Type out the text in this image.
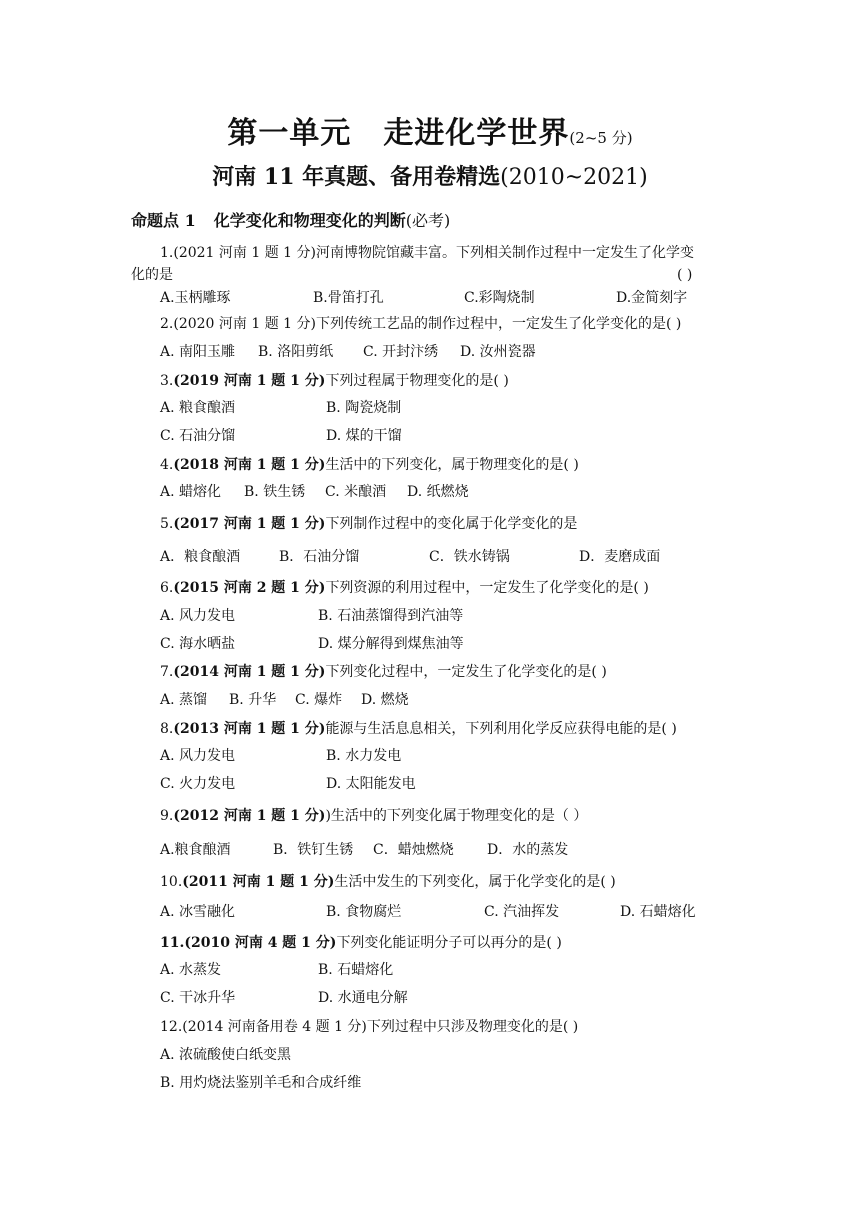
第一单元 走进化学世界(2~5 分)
河南 11 年真题、备用卷精选(2010~2021)
命题点 1 化学变化和物理变化的判断(必考)
1.(2021 河南 1 题 1 分)河南博物院馆藏丰富。下列相关制作过程中一定发生了化学变
化的是	( )
A.玉柄雕琢	B.骨笛打孔	C.彩陶烧制	D.金简刻字
2.(2020 河南 1 题 1 分)下列传统工艺品的制作过程中，一定发生了化学变化的是( )
A. 南阳玉雕 B. 洛阳剪纸 C. 开封汴绣 D. 汝州瓷器
3.(2019 河南 1 题 1 分)下列过程属于物理变化的是( )
A. 粮食酿酒	B. 陶瓷烧制
C. 石油分馏	D. 煤的干馏
4.(2018 河南 1 题 1 分)生活中的下列变化，属于物理变化的是( )
A. 蜡熔化 B. 铁生锈 C. 米酿酒 D. 纸燃烧
5.(2017 河南 1 题 1 分)下列制作过程中的变化属于化学变化的是
A．粮食酿酒	B．石油分馏	C．铁水铸锅	D．麦磨成面
6.(2015 河南 2 题 1 分)下列资源的利用过程中，一定发生了化学变化的是( )
A. 风力发电	B. 石油蒸馏得到汽油等
C. 海水晒盐	D. 煤分解得到煤焦油等
7.(2014 河南 1 题 1 分)下列变化过程中，一定发生了化学变化的是( )
A. 蒸馏 B. 升华 C. 爆炸 D. 燃烧
8.(2013 河南 1 题 1 分)能源与生活息息相关，下列利用化学反应获得电能的是( )
A. 风力发电	B. 水力发电
C. 火力发电	D. 太阳能发电
9.(2012 河南 1 题 1 分))生活中的下列变化属于物理变化的是（ ）
A.粮食酿酒	B．铁钉生锈 C．蜡烛燃烧 D．水的蒸发
10.(2011 河南 1 题 1 分)生活中发生的下列变化，属于化学变化的是( )
A. 冰雪融化	B. 食物腐烂	C. 汽油挥发	D. 石蜡熔化
11.(2010 河南 4 题 1 分)下列变化能证明分子可以再分的是( )
A. 水蒸发	B. 石蜡熔化
C. 干冰升华	D. 水通电分解
12.(2014 河南备用卷 4 题 1 分)下列过程中只涉及物理变化的是( )
A. 浓硫酸使白纸变黑
B. 用灼烧法鉴别羊毛和合成纤维
